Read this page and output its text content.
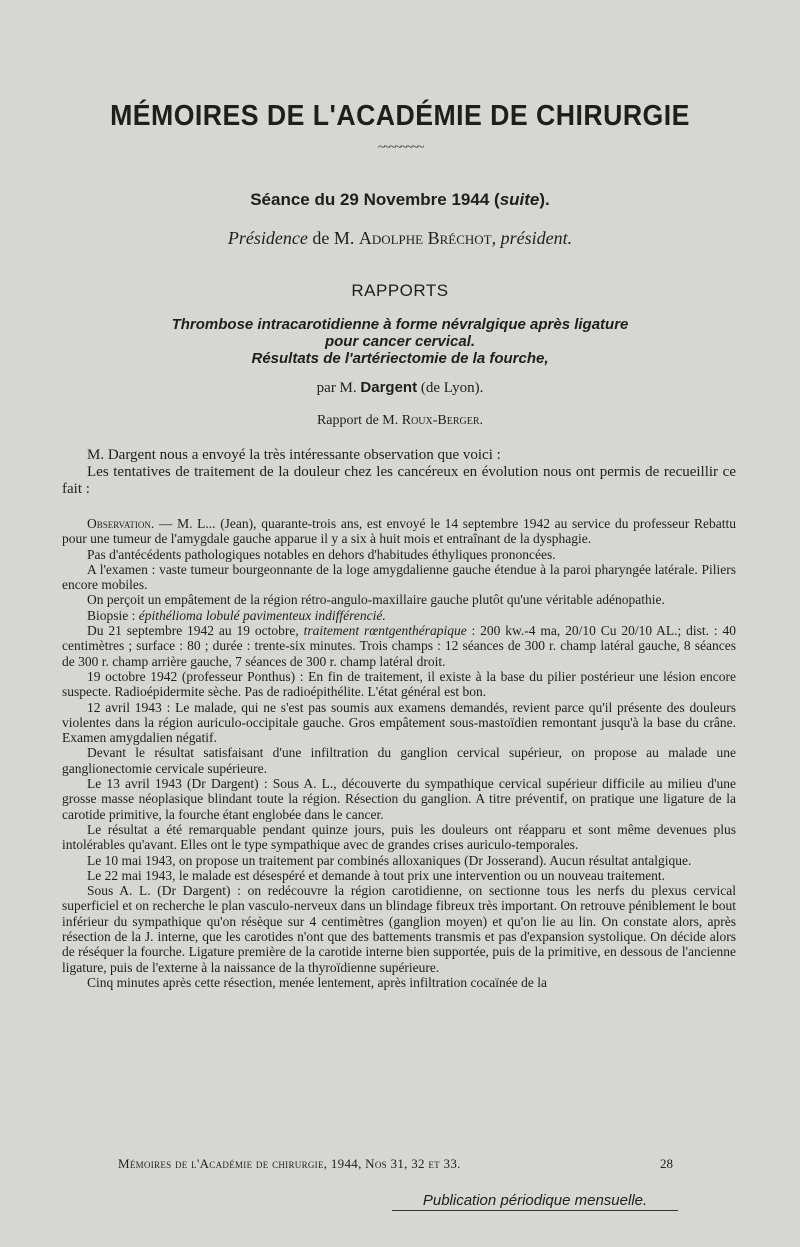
MÉMOIRES DE L'ACADÉMIE DE CHIRURGIE
~~~~~~~~
Séance du 29 Novembre 1944 (suite).
Présidence de M. Adolphe Bréchot, président.
RAPPORTS
Thrombose intracarotidienne à forme névralgique après ligature
pour cancer cervical.
Résultats de l'artériectomie de la fourche,
par M. Dargent (de Lyon).
Rapport de M. Roux-Berger.

M. Dargent nous a envoyé la très intéressante observation que voici :

Les tentatives de traitement de la douleur chez les cancéreux en évolution nous ont permis de recueillir ce fait :

Observation. — M. L... (Jean), quarante-trois ans, est envoyé le 14 septembre 1942 au service du professeur Rebattu pour une tumeur de l'amygdale gauche apparue il y a six à huit mois et entraînant de la dysphagie.

Pas d'antécédents pathologiques notables en dehors d'habitudes éthyliques prononcées.

A l'examen : vaste tumeur bourgeonnante de la loge amygdalienne gauche étendue à la paroi pharyngée latérale. Piliers encore mobiles.

On perçoit un empâtement de la région rétro-angulo-maxillaire gauche plutôt qu'une véritable adénopathie.

Biopsie : épithélioma lobulé pavimenteux indifférencié.

Du 21 septembre 1942 au 19 octobre, traitement rœntgenthérapique : 200 kw.-4 ma, 20/10 Cu 20/10 AL.; dist. : 40 centimètres ; surface : 80 ; durée : trente-six minutes. Trois champs : 12 séances de 300 r. champ latéral gauche, 8 séances de 300 r. champ arrière gauche, 7 séances de 300 r. champ latéral droit.

19 octobre 1942 (professeur Ponthus) : En fin de traitement, il existe à la base du pilier postérieur une lésion encore suspecte. Radioépidermite sèche. Pas de radioépithélite. L'état général est bon.

12 avril 1943 : Le malade, qui ne s'est pas soumis aux examens demandés, revient parce qu'il présente des douleurs violentes dans la région auriculo-occipitale gauche. Gros empâtement sous-mastoïdien remontant jusqu'à la base du crâne. Examen amygdalien négatif.

Devant le résultat satisfaisant d'une infiltration du ganglion cervical supérieur, on propose au malade une ganglionectomie cervicale supérieure.

Le 13 avril 1943 (Dr Dargent) : Sous A. L., découverte du sympathique cervical supérieur difficile au milieu d'une grosse masse néoplasique blindant toute la région. Résection du ganglion. A titre préventif, on pratique une ligature de la carotide primitive, la fourche étant englobée dans le cancer.

Le résultat a été remarquable pendant quinze jours, puis les douleurs ont réapparu et sont même devenues plus intolérables qu'avant. Elles ont le type sympathique avec de grandes crises auriculo-temporales.

Le 10 mai 1943, on propose un traitement par combinés alloxaniques (Dr Josserand). Aucun résultat antalgique.

Le 22 mai 1943, le malade est désespéré et demande à tout prix une intervention ou un nouveau traitement.

Sous A. L. (Dr Dargent) : on redécouvre la région carotidienne, on sectionne tous les nerfs du plexus cervical superficiel et on recherche le plan vasculo-nerveux dans un blindage fibreux très important. On retrouve péniblement le bout inférieur du sympathique qu'on résèque sur 4 centimètres (ganglion moyen) et qu'on lie au lin. On constate alors, après résection de la J. interne, que les carotides n'ont que des battements transmis et pas d'expansion systolique. On décide alors de réséquer la fourche. Ligature première de la carotide interne bien supportée, puis de la primitive, en dessous de l'ancienne ligature, puis de l'externe à la naissance de la thyroïdienne supérieure.

Cinq minutes après cette résection, menée lentement, après infiltration cocaïnée de la

Mémoires de l'Académie de chirurgie, 1944, Nos 31, 32 et 33.	28
Publication périodique mensuelle.
